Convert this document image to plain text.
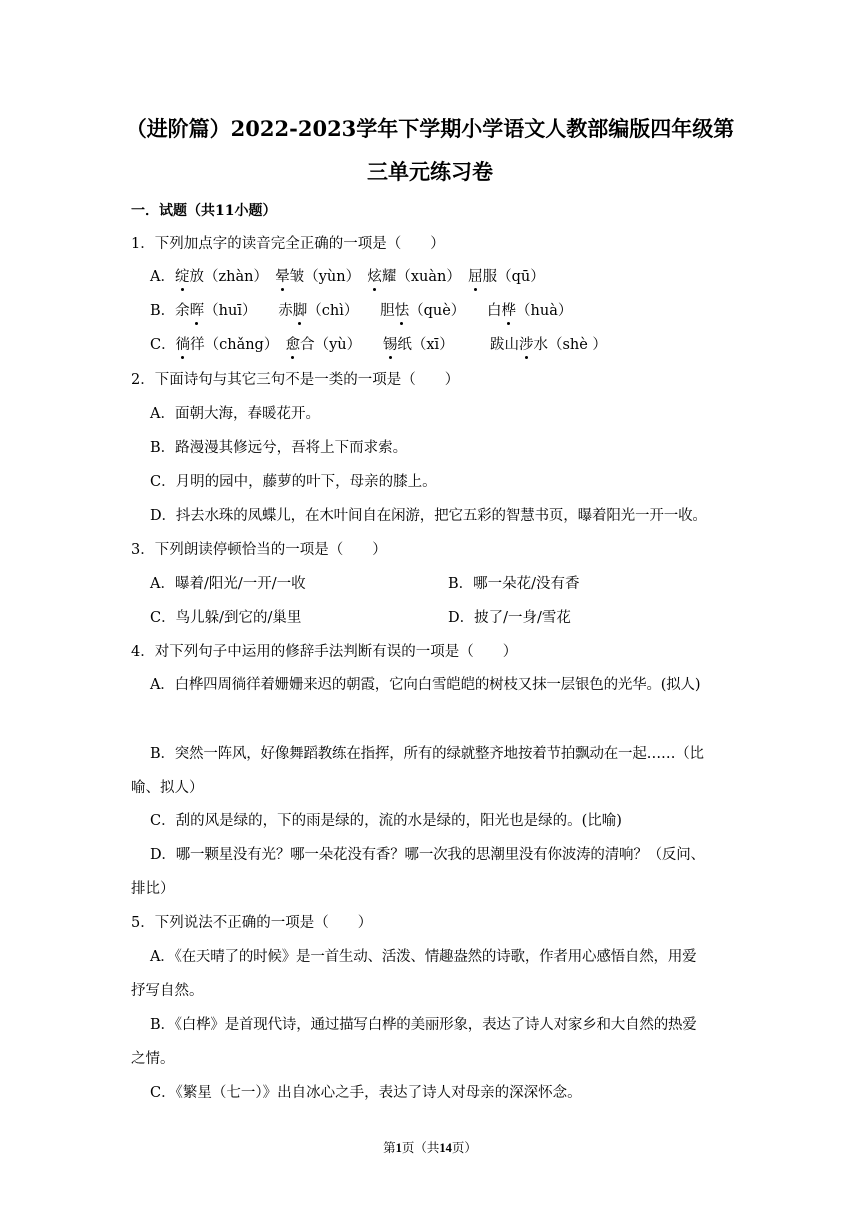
（进阶篇）2022-2023学年下学期小学语文人教部编版四年级第
三单元练习卷
一．试题（共11小题）
1．下列加点字的读音完全正确的一项是（　　）
A．绽放（zhàn）　晕皱（yùn）　炫耀（xuàn）　屈服（qū）
B．余晖（huī）　　赤脚（chì）　　胆怯（què）　　白桦（huà）
C．徜徉（chǎng）　愈合（yù）　　锡纸（xī）　　　跋山涉水（shè ）
2．下面诗句与其它三句不是一类的一项是（　　）
A．面朝大海，春暖花开。
B．路漫漫其修远兮，吾将上下而求索。
C．月明的园中，藤萝的叶下，母亲的膝上。
D．抖去水珠的凤蝶儿，在木叶间自在闲游，把它五彩的智慧书页，曝着阳光一开一收。
3．下列朗读停顿恰当的一项是（　　）
A．曝着/阳光/一开/一收	B．哪一朵花/没有香
C．鸟儿躲/到它的/巢里	D．披了/一身/雪花
4．对下列句子中运用的修辞手法判断有误的一项是（　　）
A．白桦四周徜徉着姗姗来迟的朝霞，它向白雪皑皑的树枝又抹一层银色的光华。(拟人)
B．突然一阵风，好像舞蹈教练在指挥，所有的绿就整齐地按着节拍飘动在一起……（比
喻、拟人）
C．刮的风是绿的，下的雨是绿的，流的水是绿的，阳光也是绿的。(比喻)
D．哪一颗星没有光？哪一朵花没有香？哪一次我的思潮里没有你波涛的清响？（反问、
排比）
5．下列说法不正确的一项是（　　）
A．《在天晴了的时候》是一首生动、活泼、情趣盎然的诗歌，作者用心感悟自然，用爱
抒写自然。
B．《白桦》是首现代诗，通过描写白桦的美丽形象，表达了诗人对家乡和大自然的热爱
之情。
C．《繁星（七一）》出自冰心之手，表达了诗人对母亲的深深怀念。
第1页（共14页）
